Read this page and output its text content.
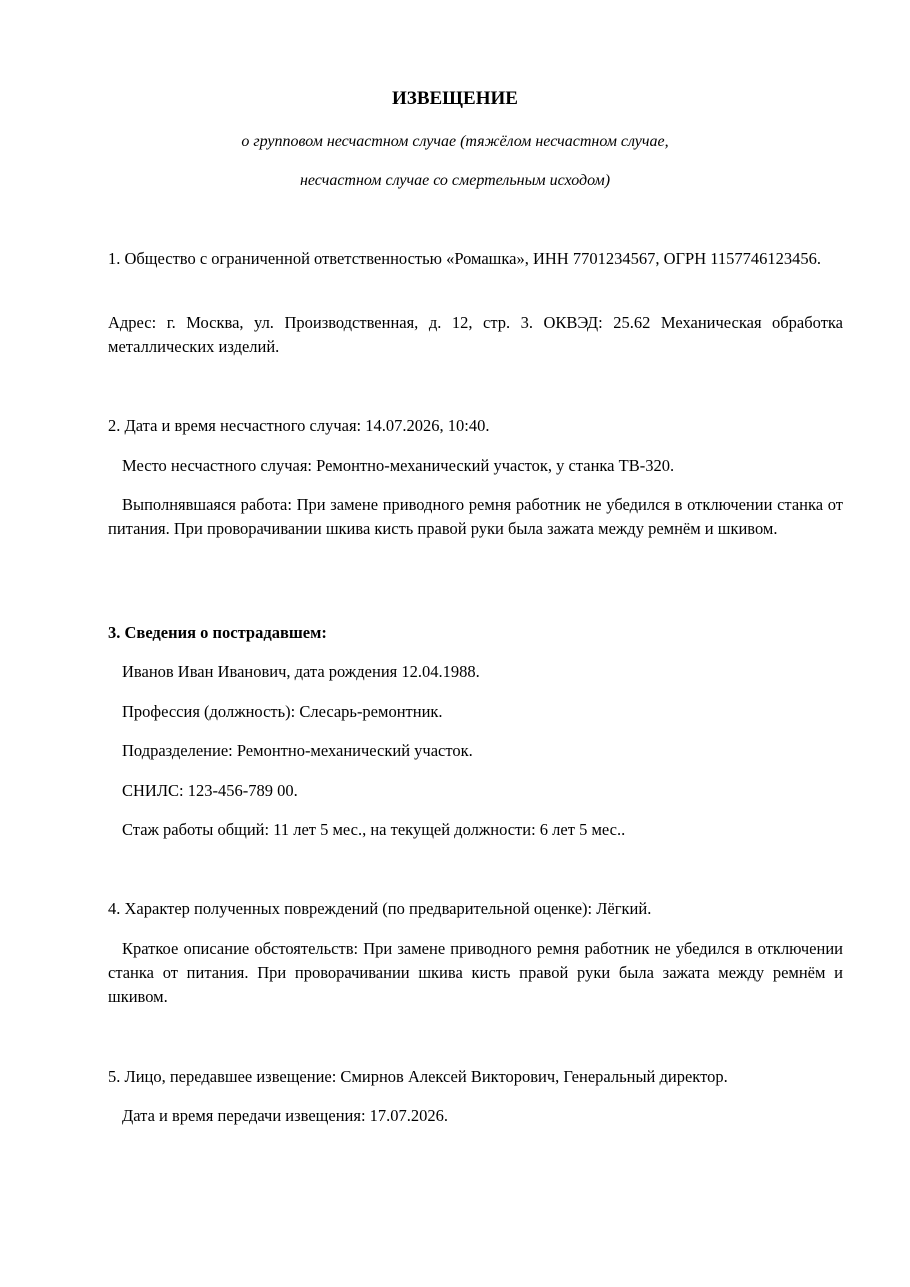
ИЗВЕЩЕНИЕ

о групповом несчастном случае (тяжёлом несчастном случае,

несчастном случае со смертельным исходом)

1. Общество с ограниченной ответственностью «Ромашка», ИНН 7701234567, ОГРН 1157746123456.

Адрес: г. Москва, ул. Производственная, д. 12, стр. 3. ОКВЭД: 25.62 Механическая обработка металлических изделий.

2. Дата и время несчастного случая: 14.07.2026, 10:40.

Место несчастного случая: Ремонтно-механический участок, у станка ТВ-320.

Выполнявшаяся работа: При замене приводного ремня работник не убедился в отключении станка от питания. При проворачивании шкива кисть правой руки была зажата между ремнём и шкивом.

3. Сведения о пострадавшем:

Иванов Иван Иванович, дата рождения 12.04.1988.

Профессия (должность): Слесарь-ремонтник.

Подразделение: Ремонтно-механический участок.

СНИЛС: 123-456-789 00.

Стаж работы общий: 11 лет 5 мес., на текущей должности: 6 лет 5 мес..

4. Характер полученных повреждений (по предварительной оценке): Лёгкий.

Краткое описание обстоятельств: При замене приводного ремня работник не убедился в отключении станка от питания. При проворачивании шкива кисть правой руки была зажата между ремнём и шкивом.

5. Лицо, передавшее извещение: Смирнов Алексей Викторович, Генеральный директор.

Дата и время передачи извещения: 17.07.2026.
